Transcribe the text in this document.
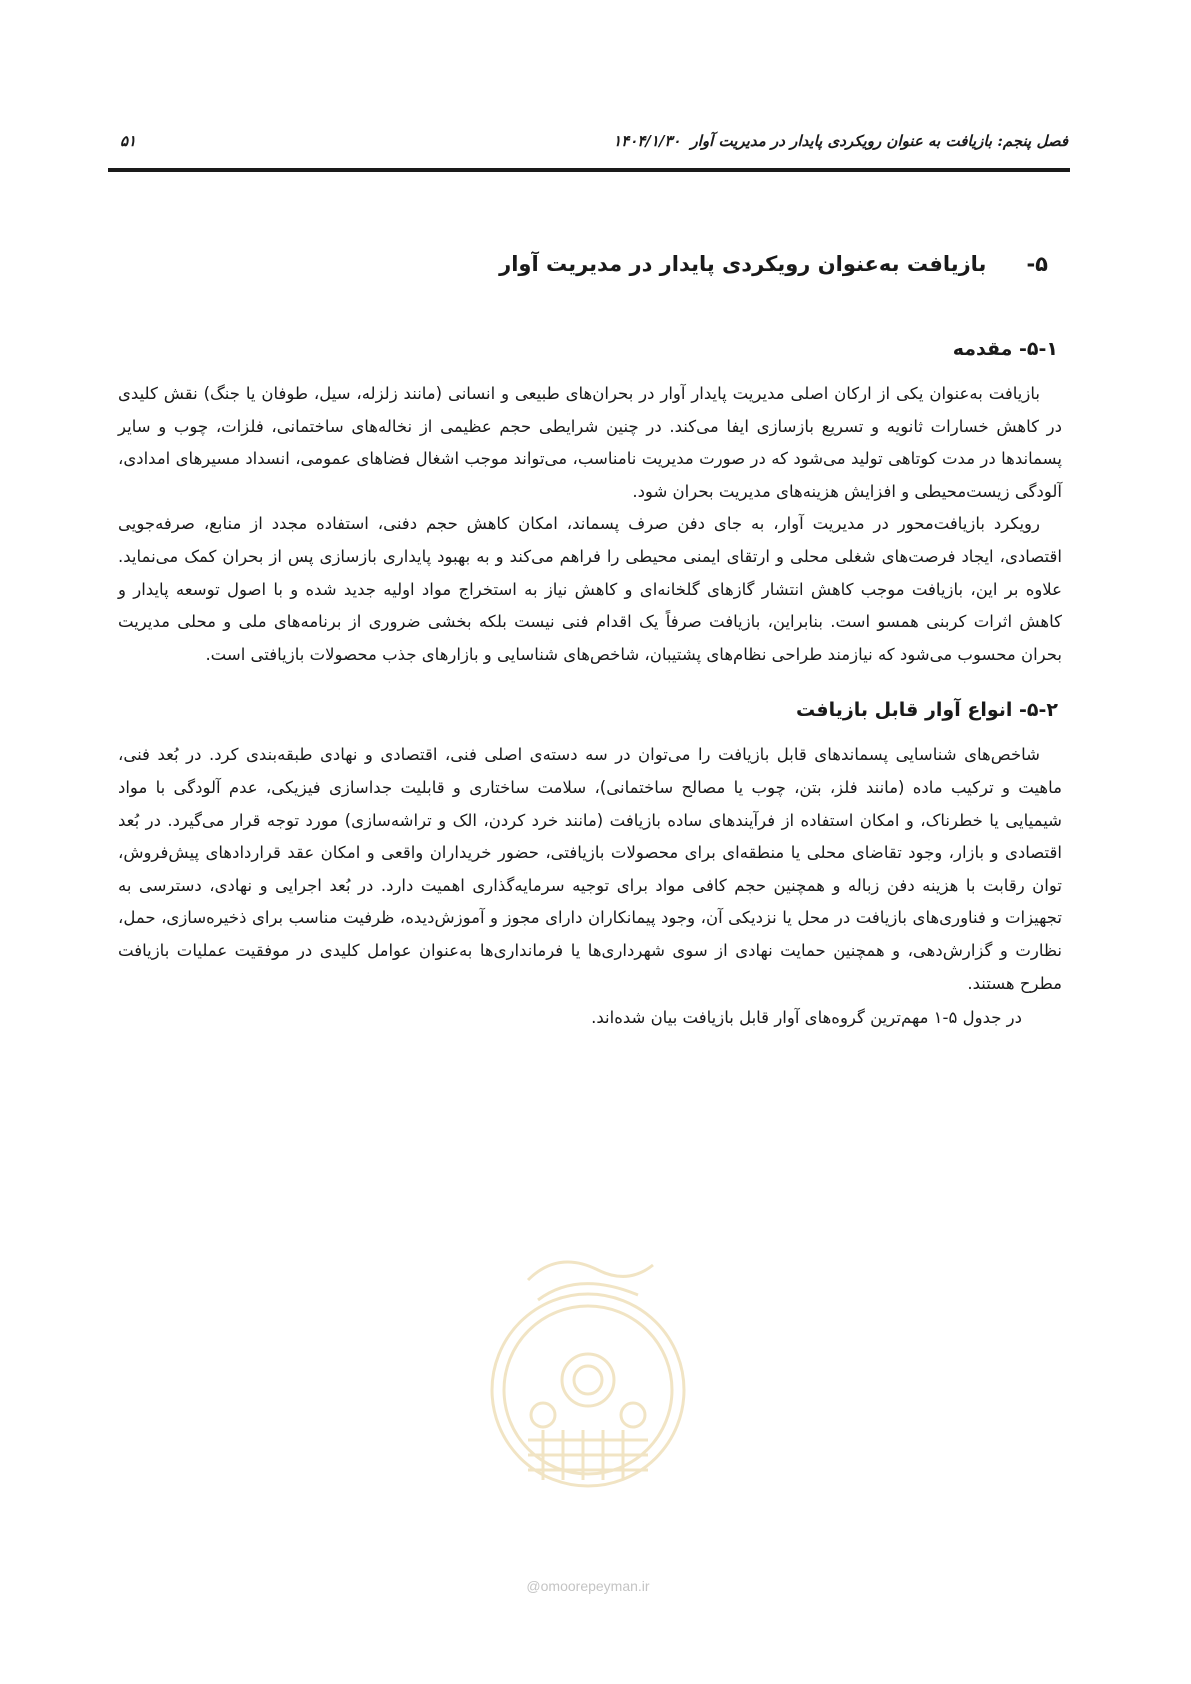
فصل پنجم: بازیافت به عنوان رویکردی پایدار در مدیریت آوار۱۴۰۴/۱/۳۰
۵۱
۵-بازیافت به‌عنوان رویکردی پایدار در مدیریت آوار
۵-۱- مقدمه

بازیافت به‌عنوان یکی از ارکان اصلی مدیریت پایدار آوار در بحران‌های طبیعی و انسانی (مانند زلزله، سیل، طوفان یا جنگ) نقش کلیدی در کاهش خسارات ثانویه و تسریع بازسازی ایفا می‌کند. در چنین شرایطی حجم عظیمی از نخاله‌های ساختمانی، فلزات، چوب و سایر پسماندها در مدت کوتاهی تولید می‌شود که در صورت مدیریت نامناسب، می‌تواند موجب اشغال فضاهای عمومی، انسداد مسیرهای امدادی، آلودگی زیست‌محیطی و افزایش هزینه‌های مدیریت بحران شود.

رویکرد بازیافت‌محور در مدیریت آوار، به جای دفن صرف پسماند، امکان کاهش حجم دفنی، استفاده مجدد از منابع، صرفه‌جویی اقتصادی، ایجاد فرصت‌های شغلی محلی و ارتقای ایمنی محیطی را فراهم می‌کند و به بهبود پایداری بازسازی پس از بحران کمک می‌نماید. علاوه بر این، بازیافت موجب کاهش انتشار گازهای گلخانه‌ای و کاهش نیاز به استخراج مواد اولیه جدید شده و با اصول توسعه پایدار و کاهش اثرات کربنی همسو است. بنابراین، بازیافت صرفاً یک اقدام فنی نیست بلکه بخشی ضروری از برنامه‌های ملی و محلی مدیریت بحران محسوب می‌شود که نیازمند طراحی نظام‌های پشتیبان، شاخص‌های شناسایی و بازارهای جذب محصولات بازیافتی است.

۵-۲- انواع آوار قابل بازیافت

شاخص‌های شناسایی پسماندهای قابل بازیافت را می‌توان در سه دسته‌ی اصلی فنی، اقتصادی و نهادی طبقه‌بندی کرد. در بُعد فنی، ماهیت و ترکیب ماده (مانند فلز، بتن، چوب یا مصالح ساختمانی)، سلامت ساختاری و قابلیت جداسازی فیزیکی، عدم آلودگی با مواد شیمیایی یا خطرناک، و امکان استفاده از فرآیندهای ساده بازیافت (مانند خرد کردن، الک و تراشه‌سازی) مورد توجه قرار می‌گیرد. در بُعد اقتصادی و بازار، وجود تقاضای محلی یا منطقه‌ای برای محصولات بازیافتی، حضور خریداران واقعی و امکان عقد قراردادهای پیش‌فروش، توان رقابت با هزینه دفن زباله و همچنین حجم کافی مواد برای توجیه سرمایه‌گذاری اهمیت دارد. در بُعد اجرایی و نهادی، دسترسی به تجهیزات و فناوری‌های بازیافت در محل یا نزدیکی آن، وجود پیمانکاران دارای مجوز و آموزش‌دیده، ظرفیت مناسب برای ذخیره‌سازی، حمل، نظارت و گزارش‌دهی، و همچنین حمایت نهادی از سوی شهرداری‌ها یا فرمانداری‌ها به‌عنوان عوامل کلیدی در موفقیت عملیات بازیافت مطرح هستند.

در جدول ۵-۱ مهم‌ترین گروه‌های آوار قابل بازیافت بیان شده‌اند.

@omoorepeyman.ir
